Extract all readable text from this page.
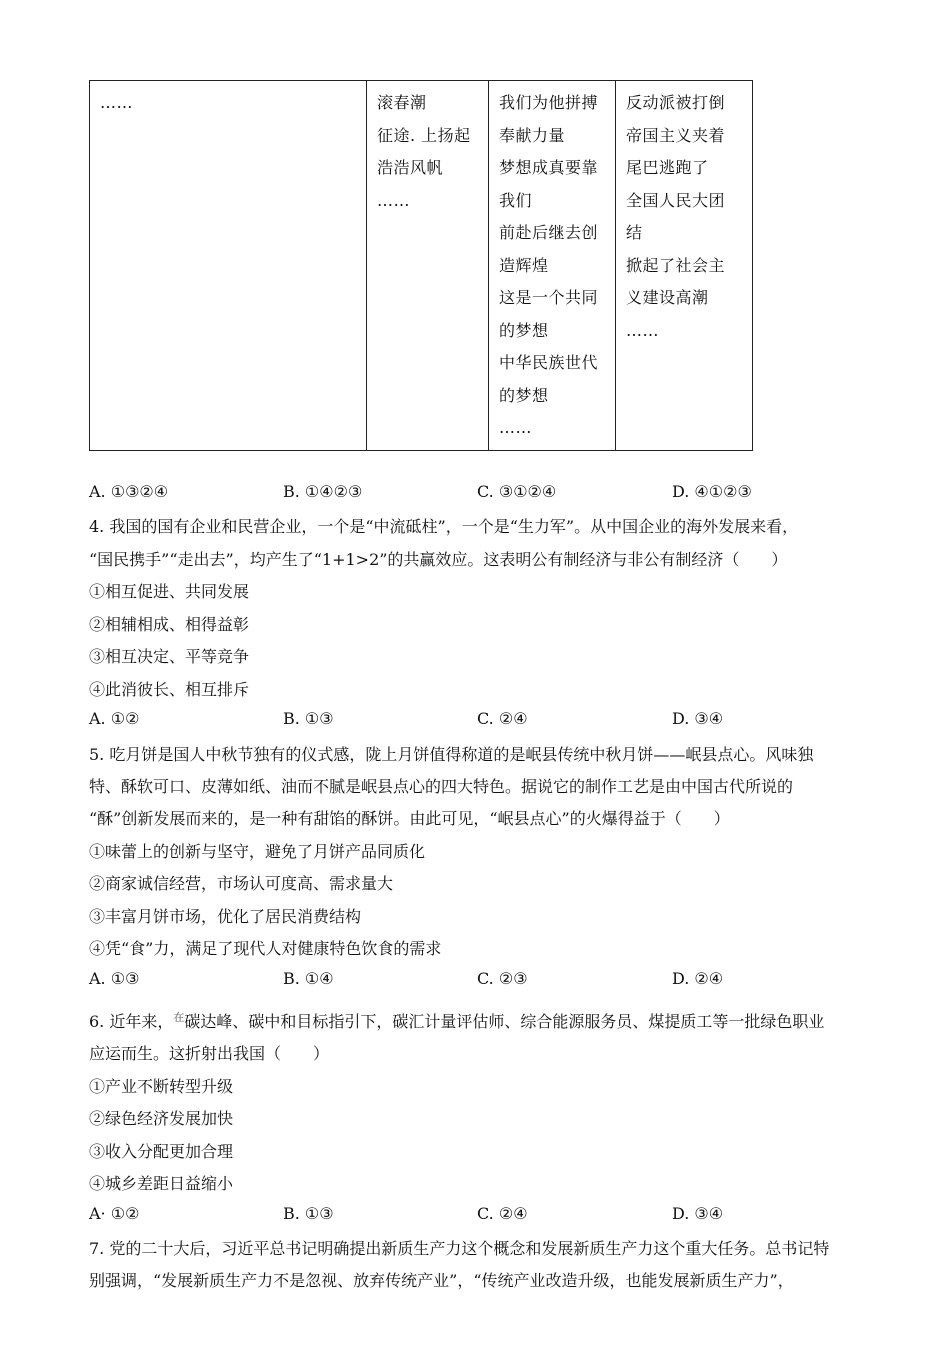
……	滚春潮
征途. 上扬起
浩浩风帆
……

我们为他拼搏
奉献力量
梦想成真要靠
我们
前赴后继去创
造辉煌
这是一个共同
的梦想
中华民族世代
的梦想
……

反动派被打倒
帝国主义夹着
尾巴逃跑了
全国人民大团
结
掀起了社会主
义建设高潮
……
A. ①③②④	B. ①④②③	C. ③①②④	D. ④①②③
4. 我国的国有企业和民营企业，一个是“中流砥柱”，一个是“生力军”。从中国企业的海外发展来看，
“国民携手”“走出去”，均产生了“1+1>2”的共赢效应。这表明公有制经济与非公有制经济（　　）
①相互促进、共同发展
②相辅相成、相得益彰
③相互决定、平等竞争
④此消彼长、相互排斥
A. ①②	B. ①③	C. ②④	D. ③④
5. 吃月饼是国人中秋节独有的仪式感，陇上月饼值得称道的是岷县传统中秋月饼——岷县点心。风味独
特、酥软可口、皮薄如纸、油而不腻是岷县点心的四大特色。据说它的制作工艺是由中国古代所说的
“酥”创新发展而来的，是一种有甜馅的酥饼。由此可见，“岷县点心”的火爆得益于（　　）
①味蕾上的创新与坚守，避免了月饼产品同质化
②商家诚信经营，市场认可度高、需求量大
③丰富月饼市场，优化了居民消费结构
④凭“食”力，满足了现代人对健康特色饮食的需求
A. ①③	B. ①④	C. ②③	D. ②④
6. 近年来，$^在$碳达峰、碳中和目标指引下，碳汇计量评估师、综合能源服务员、煤提质工等一批绿色职业
应运而生。这折射出我国（　　）
①产业不断转型升级
②绿色经济发展加快
③收入分配更加合理
④城乡差距日益缩小
A· ①②	B. ①③	C. ②④	D. ③④
7. 党的二十大后，习近平总书记明确提出新质生产力这个概念和发展新质生产力这个重大任务。总书记特
别强调，“发展新质生产力不是忽视、放弃传统产业”，“传统产业改造升级，也能发展新质生产力”，
